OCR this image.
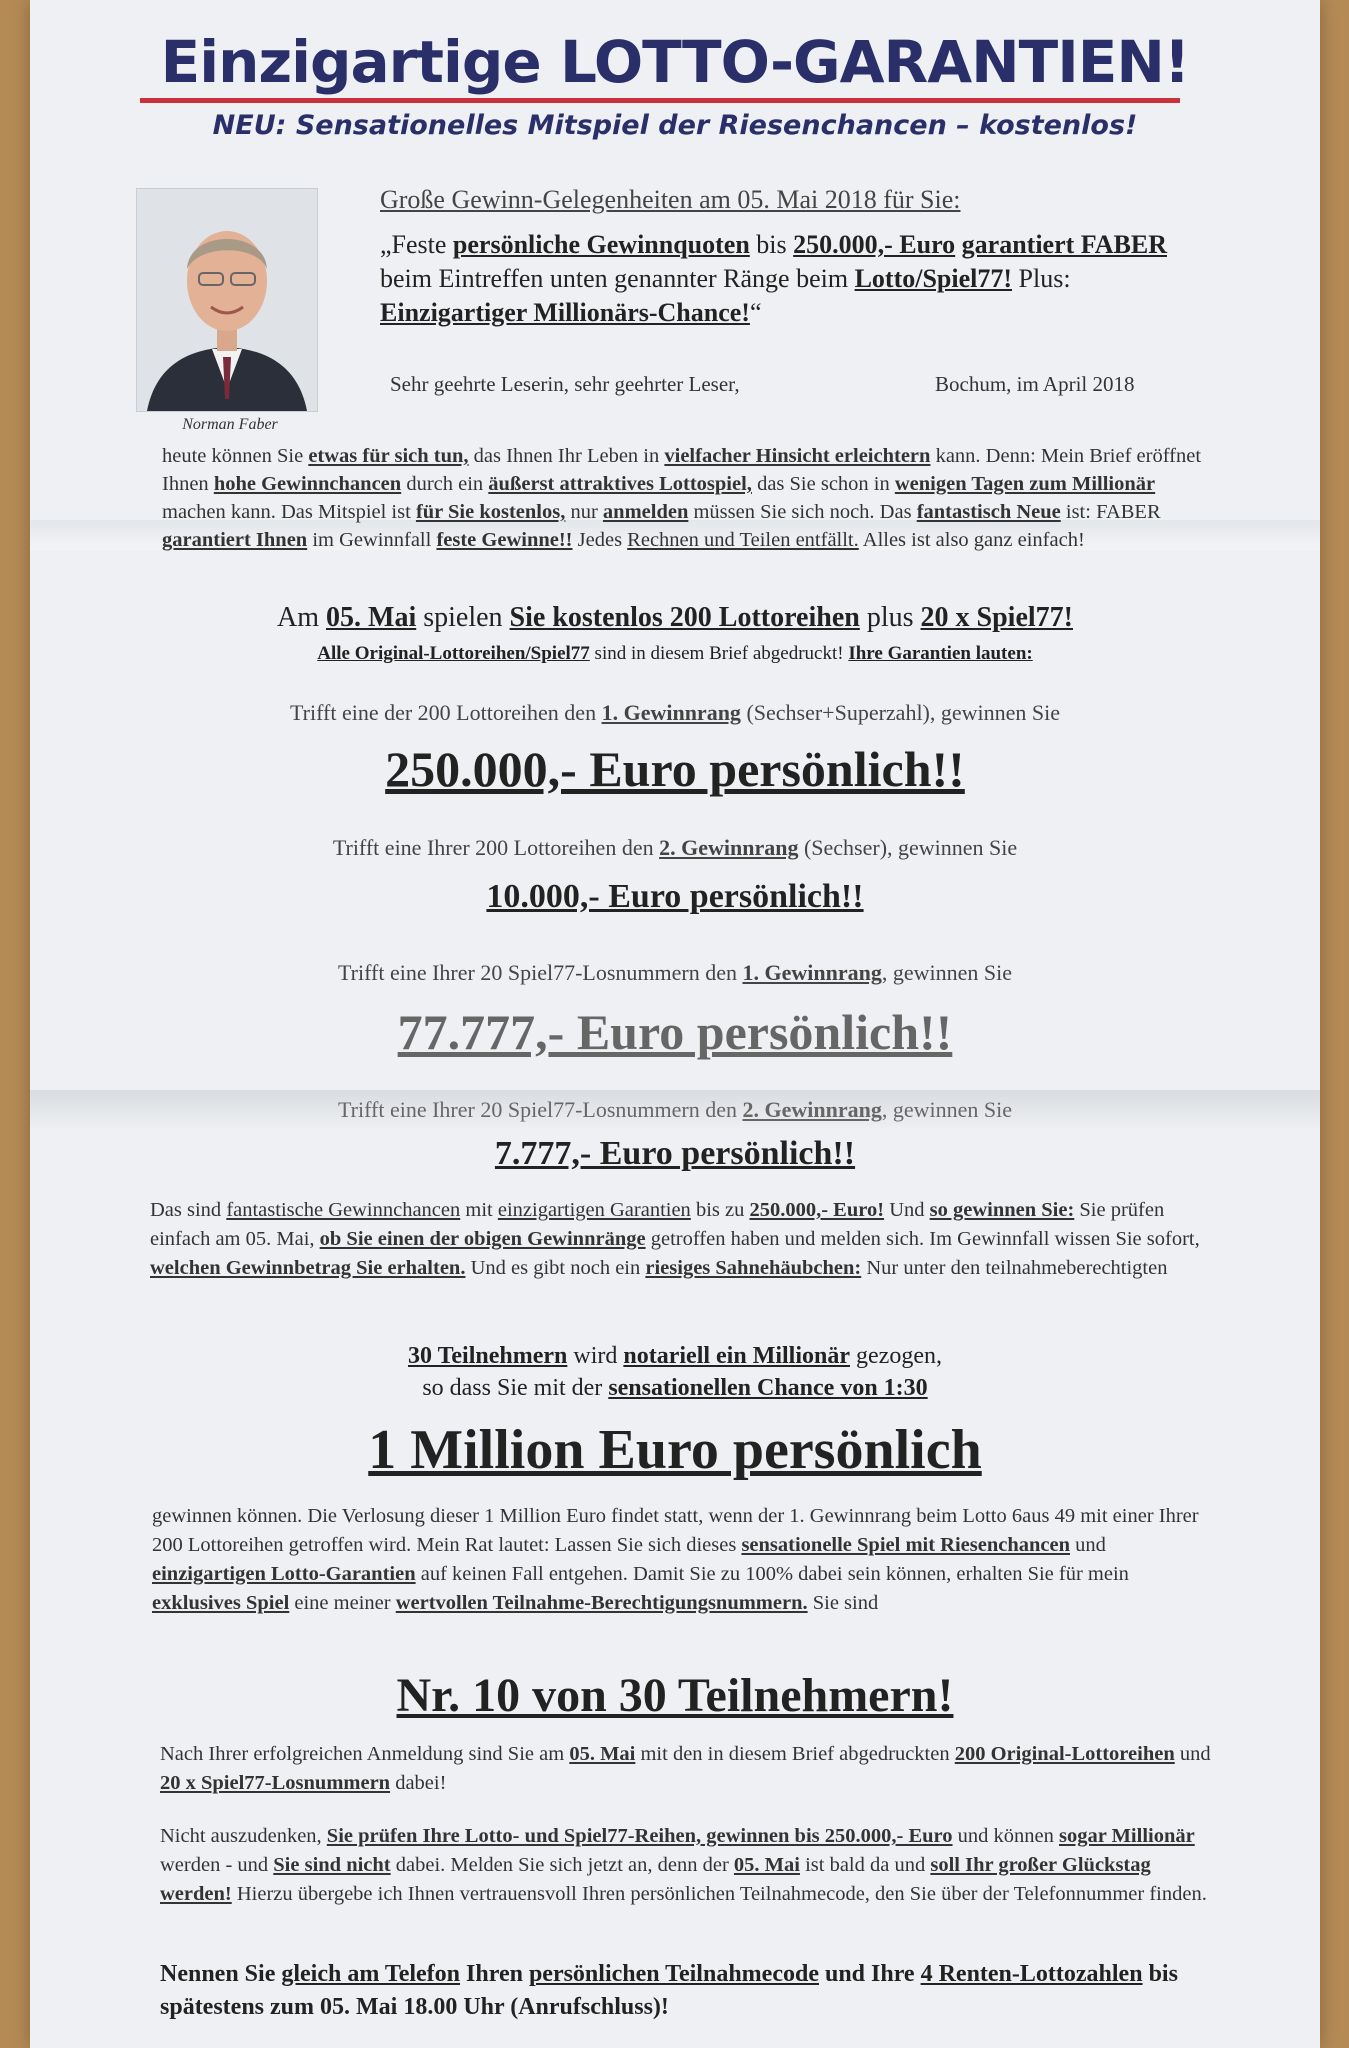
Einzigartige LOTTO-GARANTIEN!
NEU: Sensationelles Mitspiel der Riesenchancen – kostenlos!
Norman Faber
Große Gewinn-Gelegenheiten am 05. Mai 2018 für Sie:
„Feste persönliche Gewinnquoten bis 250.000,- Euro garantiert FABER beim Eintreffen unten genannter Ränge beim Lotto/Spiel77! Plus: Einzigartiger Millionärs-Chance!“
Sehr geehrte Leserin, sehr geehrter Leser,	Bochum, im April 2018
heute können Sie etwas für sich tun, das Ihnen Ihr Leben in vielfacher Hinsicht erleichtern kann. Denn: Mein Brief eröffnet Ihnen hohe Gewinnchancen durch ein äußerst attraktives Lottospiel, das Sie schon in wenigen Tagen zum Millionär machen kann. Das Mitspiel ist für Sie kostenlos, nur anmelden müssen Sie sich noch. Das fantastisch Neue ist: FABER garantiert Ihnen im Gewinnfall feste Gewinne!! Jedes Rechnen und Teilen entfällt. Alles ist also ganz einfach!
Am 05. Mai spielen Sie kostenlos 200 Lottoreihen plus 20 x Spiel77!
Alle Original-Lottoreihen/Spiel77 sind in diesem Brief abgedruckt! Ihre Garantien lauten:
Trifft eine der 200 Lottoreihen den 1. Gewinnrang (Sechser+Superzahl), gewinnen Sie
250.000,- Euro persönlich!!
Trifft eine Ihrer 200 Lottoreihen den 2. Gewinnrang (Sechser), gewinnen Sie
10.000,- Euro persönlich!!
Trifft eine Ihrer 20 Spiel77-Losnummern den 1. Gewinnrang, gewinnen Sie
77.777,- Euro persönlich!!
Trifft eine Ihrer 20 Spiel77-Losnummern den 2. Gewinnrang, gewinnen Sie
7.777,- Euro persönlich!!
Das sind fantastische Gewinnchancen mit einzigartigen Garantien bis zu 250.000,- Euro! Und so gewinnen Sie: Sie prüfen einfach am 05. Mai, ob Sie einen der obigen Gewinnränge getroffen haben und melden sich. Im Gewinnfall wissen Sie sofort, welchen Gewinnbetrag Sie erhalten. Und es gibt noch ein riesiges Sahnehäubchen: Nur unter den teilnahmeberechtigten
30 Teilnehmern wird notariell ein Millionär gezogen,
so dass Sie mit der sensationellen Chance von 1:30
1 Million Euro persönlich
gewinnen können. Die Verlosung dieser 1 Million Euro findet statt, wenn der 1. Gewinnrang beim Lotto 6aus 49 mit einer Ihrer 200 Lottoreihen getroffen wird. Mein Rat lautet: Lassen Sie sich dieses sensationelle Spiel mit Riesenchancen und einzigartigen Lotto-Garantien auf keinen Fall entgehen. Damit Sie zu 100% dabei sein können, erhalten Sie für mein exklusives Spiel eine meiner wertvollen Teilnahme-Berechtigungsnummern. Sie sind
Nr. 10 von 30 Teilnehmern!
Nach Ihrer erfolgreichen Anmeldung sind Sie am 05. Mai mit den in diesem Brief abgedruckten 200 Original-Lottoreihen und 20 x Spiel77-Losnummern dabei!
Nicht auszudenken, Sie prüfen Ihre Lotto- und Spiel77-Reihen, gewinnen bis 250.000,- Euro und können sogar Millionär werden - und Sie sind nicht dabei. Melden Sie sich jetzt an, denn der 05. Mai ist bald da und soll Ihr großer Glückstag werden! Hierzu übergebe ich Ihnen vertrauensvoll Ihren persönlichen Teilnahmecode, den Sie über der Telefonnummer finden.
Nennen Sie gleich am Telefon Ihren persönlichen Teilnahmecode und Ihre 4 Renten-Lottozahlen bis spätestens zum 05. Mai 18.00 Uhr (Anrufschluss)!
